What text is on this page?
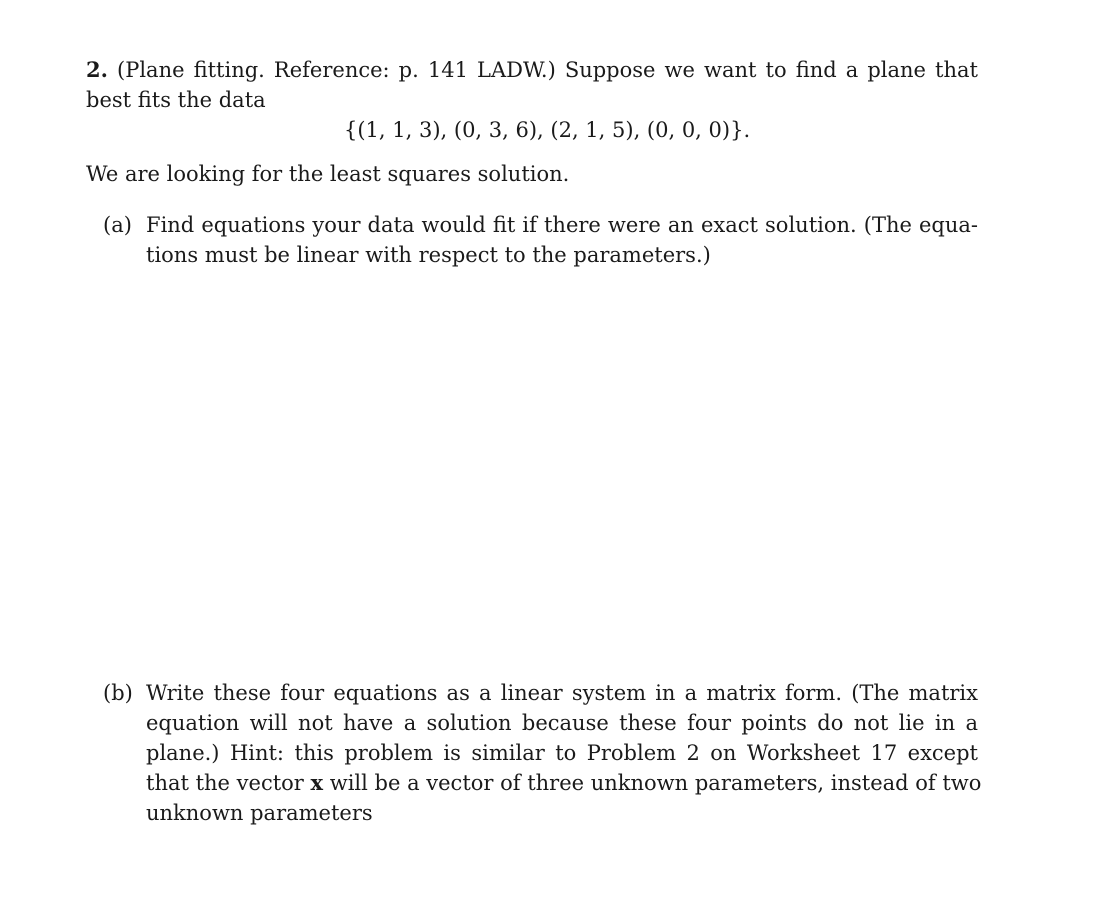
2. (Plane fitting. Reference: p. 141 LADW.) Suppose we want to find a plane that
best fits the data
{(1, 1, 3), (0, 3, 6), (2, 1, 5), (0, 0, 0)}.
We are looking for the least squares solution.
(a) Find equations your data would fit if there were an exact solution. (The equa-
tions must be linear with respect to the parameters.)
(b) Write these four equations as a linear system in a matrix form. (The matrix
equation will not have a solution because these four points do not lie in a
plane.) Hint: this problem is similar to Problem 2 on Worksheet 17 except
that the vector x will be a vector of three unknown parameters, instead of two
unknown parameters
